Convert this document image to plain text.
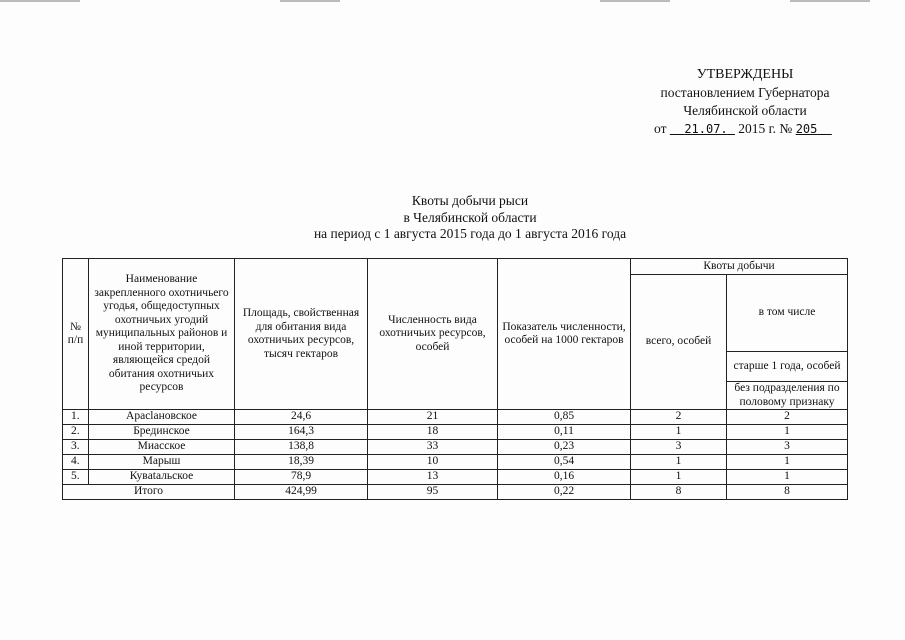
УТВЕРЖДЕНЫ
постановлением Губернатора
Челябинской области
от 21.07. 2015 г. № 205
Квоты добычи рыси
в Челябинской области
на период с 1 августа 2015 года до 1 августа 2016 года
№ п/п	Наименование закрепленного охотничьего угодья, общедоступных охотничьих угодий муниципальных районов и иной территории, являющейся средой обитания охотничьих ресурсов	Площадь, свойственная для обитания вида охотничьих ресурсов, тысяч гектаров	Численность вида охотничьих ресурсов, особей	Показатель численности, особей на 1000 гектаров	Квоты добычи	
					всего, особей	в том числе
						старше 1 года, особей
						без подразделения по половому признаку
1.	Арасlaновское	24,6	21	0,85	2	2
2.	Брединское	164,3	18	0,11	1	1
3.	Миасское	138,8	33	0,23	3	3
4.	Марыш	18,39	10	0,54	1	1
5.	Кувatальское	78,9	13	0,16	1	1
Итого		424,99	95	0,22	8	8
